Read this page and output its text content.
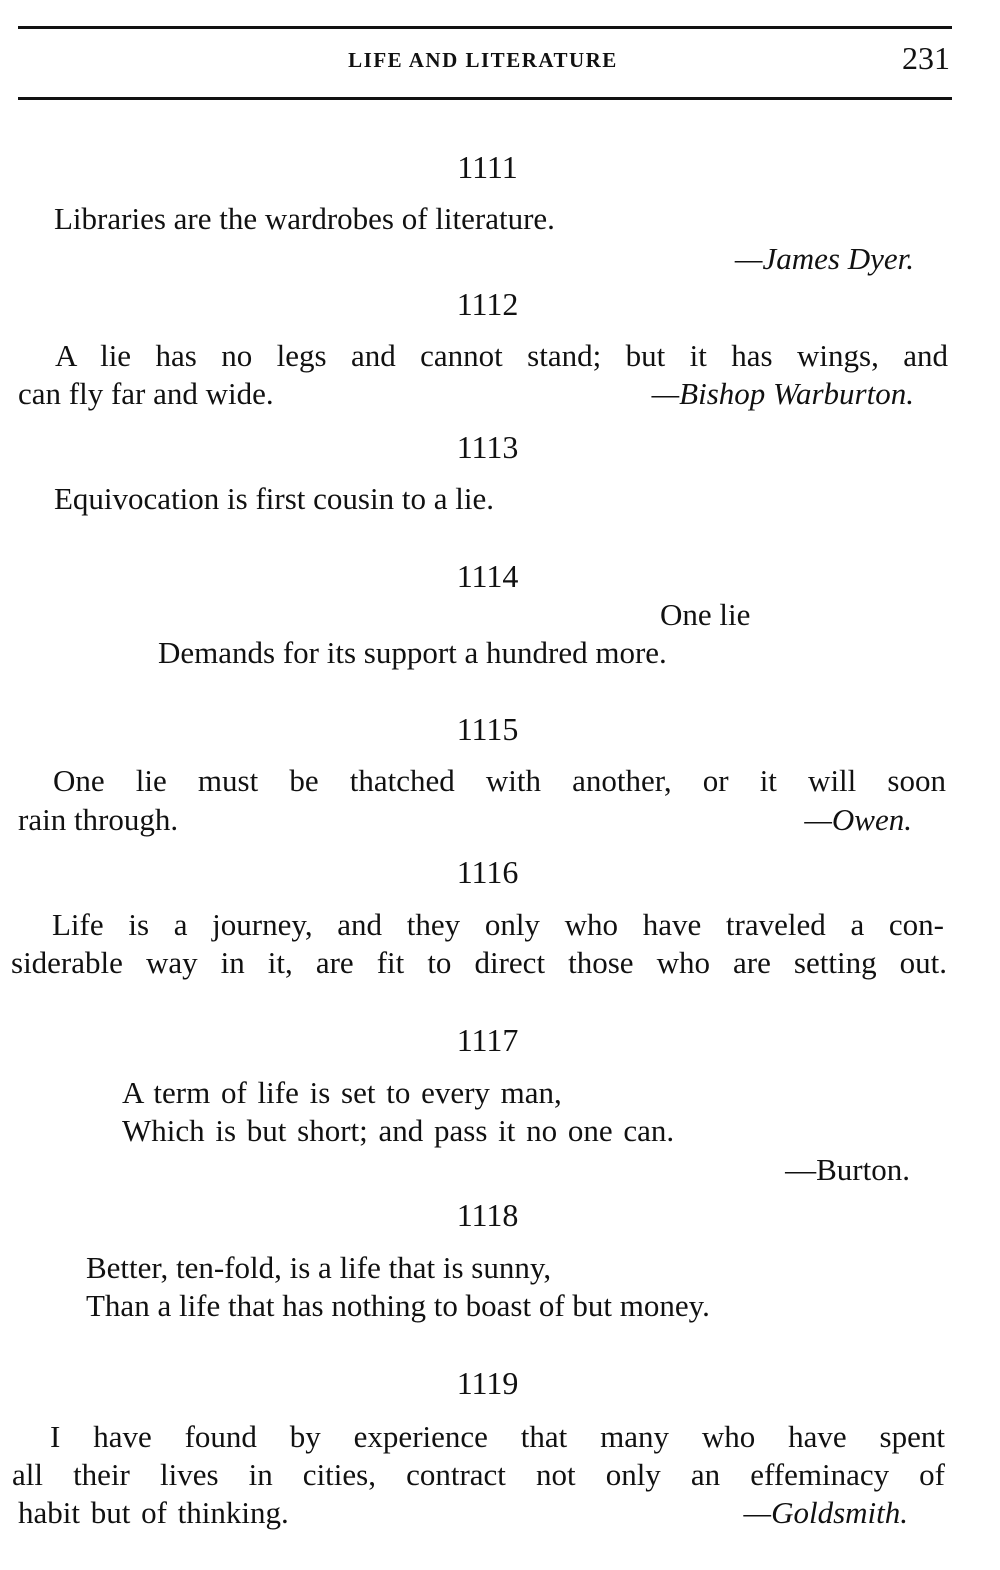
LIFE AND LITERATURE	231
1111
Libraries are the wardrobes of literature.
—James Dyer.
1112
A lie has no legs and cannot stand; but it has wings, and
can fly far and wide.	—Bishop Warburton.
1113
Equivocation is first cousin to a lie.
1114
One lie
Demands for its support a hundred more.
1115
One lie must be thatched with another, or it will soon
rain through.	—Owen.
1116
Life is a journey, and they only who have traveled a con-
siderable way in it, are fit to direct those who are setting out.
1117
A term of life is set to every man,
Which is but short; and pass it no one can.
—Burton.
1118
Better, ten-fold, is a life that is sunny,
Than a life that has nothing to boast of but money.
1119
I have found by experience that many who have spent
all their lives in cities, contract not only an effeminacy of
habit but of thinking.	—Goldsmith.
